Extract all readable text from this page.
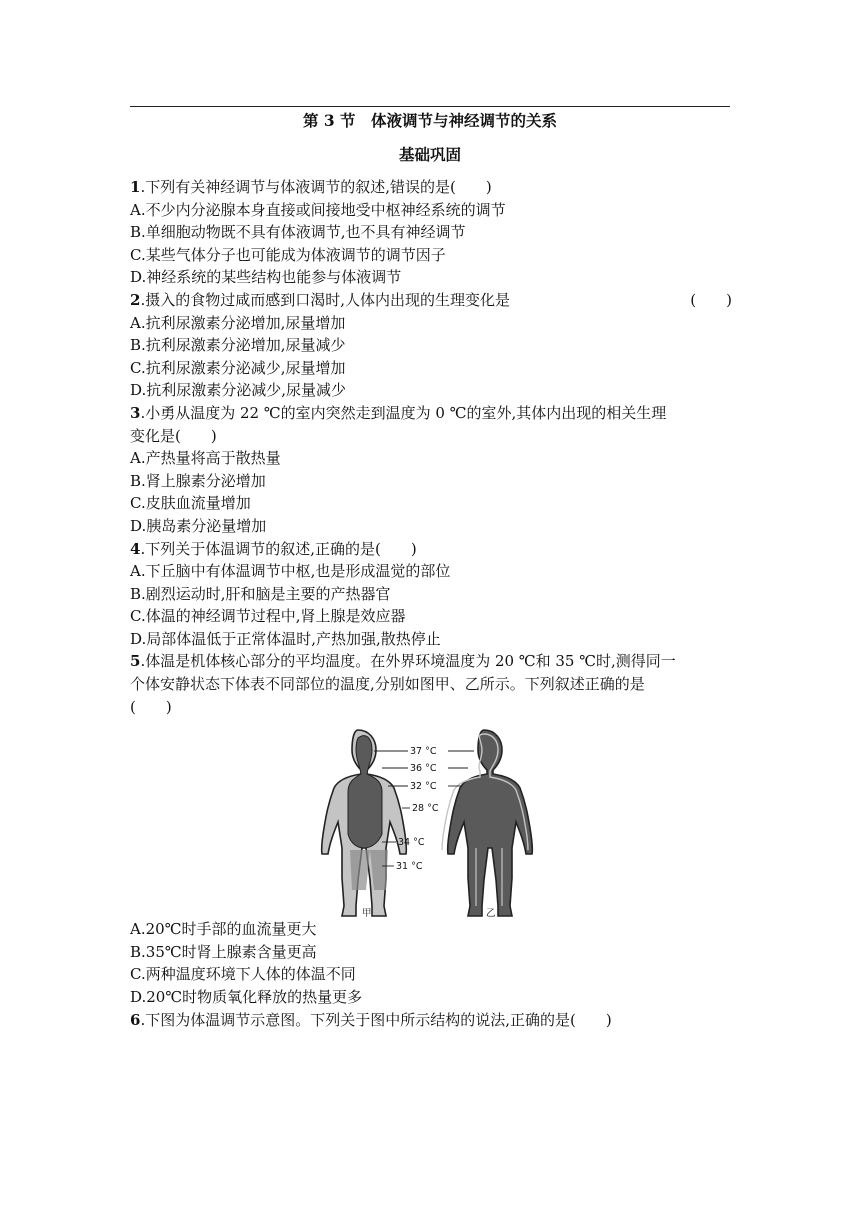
第 3 节　体液调节与神经调节的关系
基础巩固
1.下列有关神经调节与体液调节的叙述,错误的是(　　)
A.不少内分泌腺本身直接或间接地受中枢神经系统的调节
B.单细胞动物既不具有体液调节,也不具有神经调节
C.某些气体分子也可能成为体液调节的调节因子
D.神经系统的某些结构也能参与体液调节
2.摄入的食物过咸而感到口渴时,人体内出现的生理变化是	(　　)
A.抗利尿激素分泌增加,尿量增加
B.抗利尿激素分泌增加,尿量减少
C.抗利尿激素分泌减少,尿量增加
D.抗利尿激素分泌减少,尿量减少
3.小勇从温度为 22 ℃的室内突然走到温度为 0 ℃的室外,其体内出现的相关生理
变化是(　　)
A.产热量将高于散热量
B.肾上腺素分泌增加
C.皮肤血流量增加
D.胰岛素分泌量增加
4.下列关于体温调节的叙述,正确的是(　　)
A.下丘脑中有体温调节中枢,也是形成温觉的部位
B.剧烈运动时,肝和脑是主要的产热器官
C.体温的神经调节过程中,肾上腺是效应器
D.局部体温低于正常体温时,产热加强,散热停止
5.体温是机体核心部分的平均温度。在外界环境温度为 20 ℃和 35 ℃时,测得同一
个体安静状态下体表不同部位的温度,分别如图甲、乙所示。下列叙述正确的是
(　　)
37 °C
36 °C
32 °C
28 °C
34 °C
31 °C
甲	乙
A.20℃时手部的血流量更大
B.35℃时肾上腺素含量更高
C.两种温度环境下人体的体温不同
D.20℃时物质氧化释放的热量更多
6.下图为体温调节示意图。下列关于图中所示结构的说法,正确的是(　　)
